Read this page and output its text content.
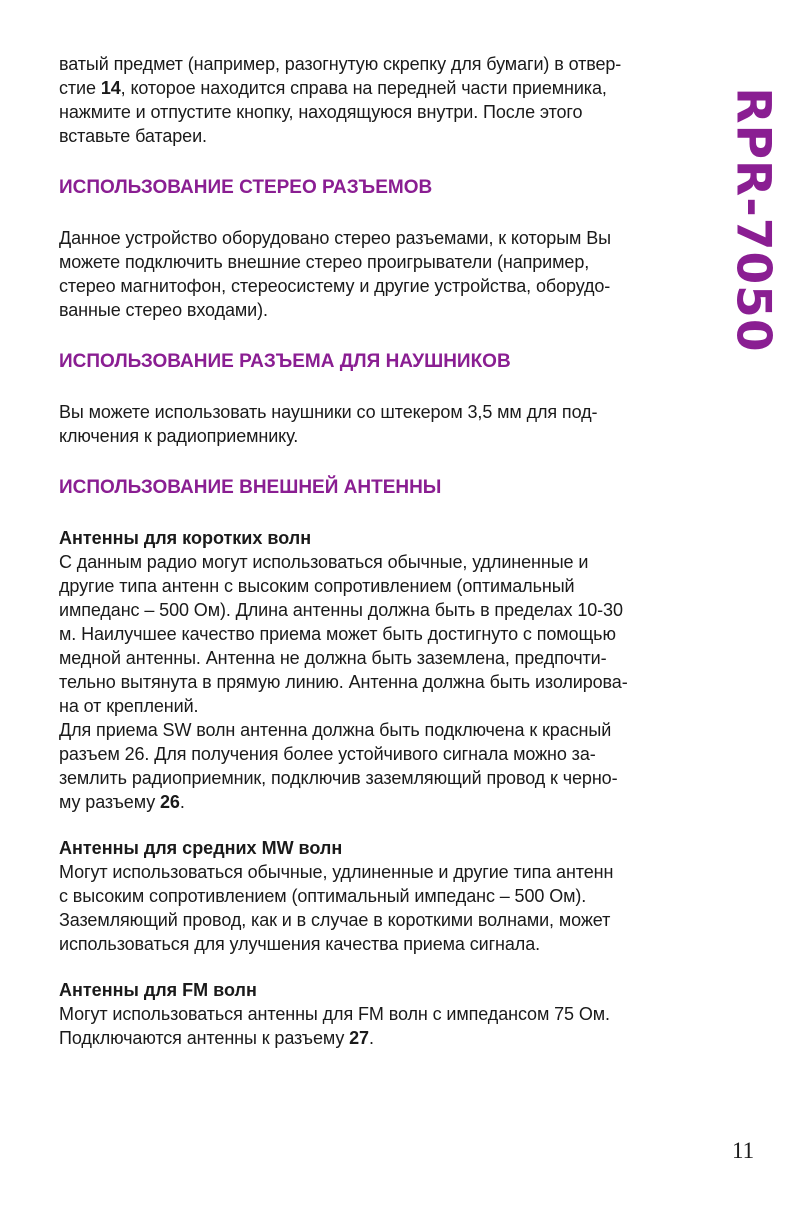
RPR-7050

ватый предмет (например, разогнутую скрепку для бумаги) в отвер-
стие 14, которое находится справа на передней части приемника,
нажмите и отпустите кнопку, находящуюся внутри. После этого
вставьте батареи.

ИСПОЛЬЗОВАНИЕ СТЕРЕО РАЗЪЕМОВ

Данное устройство оборудовано стерео разъемами, к которым Вы
можете подключить внешние стерео проигрыватели (например,
стерео магнитофон, стереосистему и другие устройства, оборудо-
ванные стерео входами).

ИСПОЛЬЗОВАНИЕ РАЗЪЕМА ДЛЯ НАУШНИКОВ

Вы можете использовать наушники со штекером 3,5 мм для под-
ключения к радиоприемнику.

ИСПОЛЬЗОВАНИЕ ВНЕШНЕЙ АНТЕННЫ
Антенны для коротких волн

С данным радио могут использоваться обычные, удлиненные и
другие типа антенн с высоким сопротивлением (оптимальный
импеданс – 500 Ом). Длина антенны должна быть в пределах 10-30
м. Наилучшее качество приема может быть достигнуто с помощью
медной антенны. Антенна не должна быть заземлена, предпочти-
тельно вытянута в прямую линию. Антенна должна быть изолирова-
на от креплений.
Для приема SW волн антенна должна быть подключена к красный
разъем 26. Для получения более устойчивого сигнала можно за-
землить радиоприемник, подключив заземляющий провод к черно-
му разъему 26.

Антенны для средних MW волн

Могут использоваться обычные, удлиненные и другие типа антенн
с высоким сопротивлением (оптимальный импеданс – 500 Ом).
Заземляющий провод, как и в случае в короткими волнами, может
использоваться для улучшения качества приема сигнала.

Антенны для FM волн

Могут использоваться антенны для FM волн с импедансом 75 Ом.
Подключаются антенны к разъему 27.

11
